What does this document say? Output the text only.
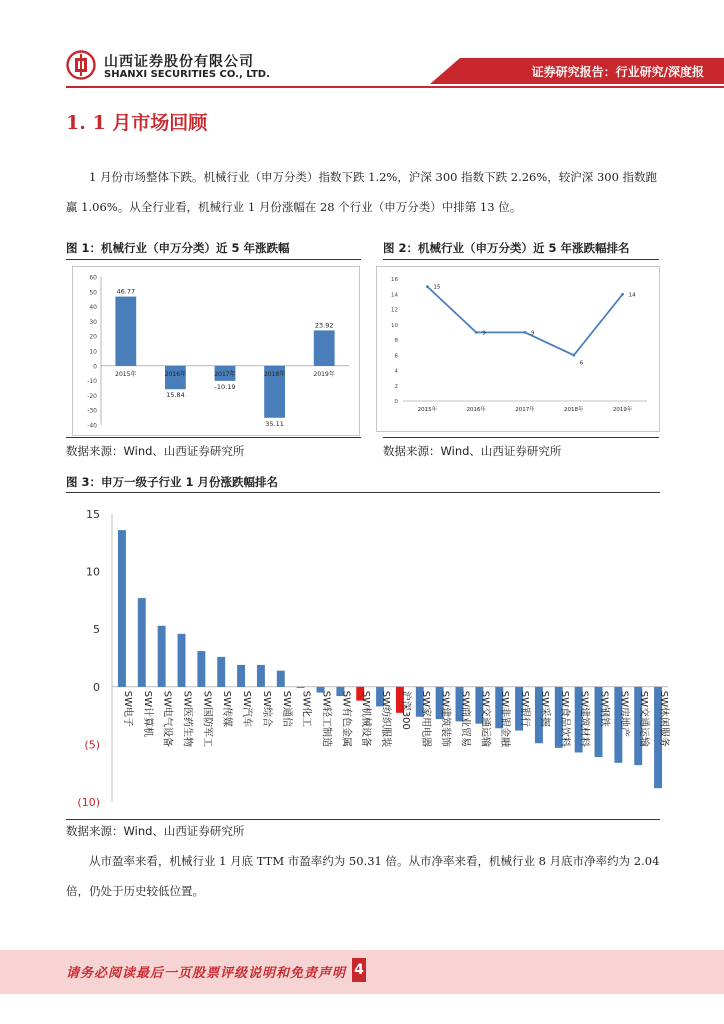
山西证券股份有限公司
SHANXI SECURITIES CO., LTD.	证券研究报告：行业研究/深度报
1. 1 月市场回顾
1 月份市场整体下跌。机械行业（申万分类）指数下跌 1.2%，沪深 300 指数下跌 2.26%，较沪深 300 指数跑赢 1.06%。从全行业看，机械行业 1 月份涨幅在 28 个行业（申万分类）中排第 13 位。
图 1：机械行业（申万分类）近 5 年涨跌幅	图 2：机械行业（申万分类）近 5 年涨跌幅排名
-40
-30
-20
-10
0
10
20
30
40
50
60
46.77
2015年
15.84
2016年
-10.19
2017年
35.11
2018年
23.92
2019年
0
2
4
6
8
10
12
14
16
15
2015年
9
2016年
9
2017年
6
2018年
14
2019年
数据来源：Wind、山西证券研究所	数据来源：Wind、山西证券研究所
图 3：申万一级子行业 1 月份涨跌幅排名
15
10
5
0
(5)
(10)
SW电子 SW计算机 SW电气设备 SW医药生物 SW国防军工 SW传媒 SW汽车 SW综合 SW通信 SW化工 SW轻工制造 SW有色金属 SW机械设备 SW纺织服装 沪深300 SW家用电器 SW建筑装饰 SW商业贸易 SW交通运输 SW非银金融 SW银行 SW采掘 SW食品饮料 SW建筑材料 SW钢铁 SW房地产 SW交通运输 SW休闲服务
数据来源：Wind、山西证券研究所
从市盈率来看，机械行业 1 月底 TTM 市盈率约为 50.31 倍。从市净率来看，机械行业 8 月底市净率约为 2.04 倍，仍处于历史较低位置。
请务必阅读最后一页股票评级说明和免责声明 4
